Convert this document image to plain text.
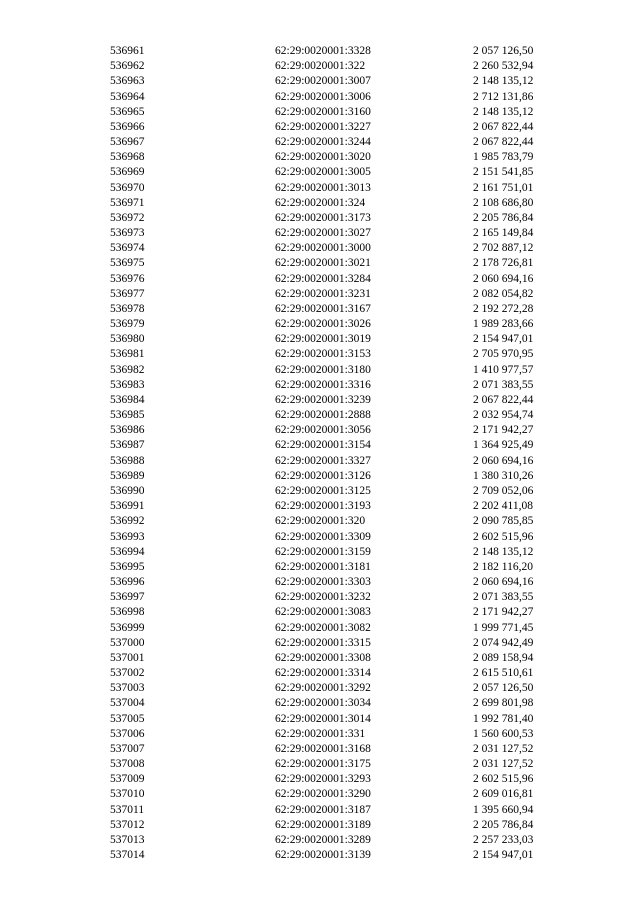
536961	62:29:0020001:3328	2 057 126,50
536962	62:29:0020001:322	2 260 532,94
536963	62:29:0020001:3007	2 148 135,12
536964	62:29:0020001:3006	2 712 131,86
536965	62:29:0020001:3160	2 148 135,12
536966	62:29:0020001:3227	2 067 822,44
536967	62:29:0020001:3244	2 067 822,44
536968	62:29:0020001:3020	1 985 783,79
536969	62:29:0020001:3005	2 151 541,85
536970	62:29:0020001:3013	2 161 751,01
536971	62:29:0020001:324	2 108 686,80
536972	62:29:0020001:3173	2 205 786,84
536973	62:29:0020001:3027	2 165 149,84
536974	62:29:0020001:3000	2 702 887,12
536975	62:29:0020001:3021	2 178 726,81
536976	62:29:0020001:3284	2 060 694,16
536977	62:29:0020001:3231	2 082 054,82
536978	62:29:0020001:3167	2 192 272,28
536979	62:29:0020001:3026	1 989 283,66
536980	62:29:0020001:3019	2 154 947,01
536981	62:29:0020001:3153	2 705 970,95
536982	62:29:0020001:3180	1 410 977,57
536983	62:29:0020001:3316	2 071 383,55
536984	62:29:0020001:3239	2 067 822,44
536985	62:29:0020001:2888	2 032 954,74
536986	62:29:0020001:3056	2 171 942,27
536987	62:29:0020001:3154	1 364 925,49
536988	62:29:0020001:3327	2 060 694,16
536989	62:29:0020001:3126	1 380 310,26
536990	62:29:0020001:3125	2 709 052,06
536991	62:29:0020001:3193	2 202 411,08
536992	62:29:0020001:320	2 090 785,85
536993	62:29:0020001:3309	2 602 515,96
536994	62:29:0020001:3159	2 148 135,12
536995	62:29:0020001:3181	2 182 116,20
536996	62:29:0020001:3303	2 060 694,16
536997	62:29:0020001:3232	2 071 383,55
536998	62:29:0020001:3083	2 171 942,27
536999	62:29:0020001:3082	1 999 771,45
537000	62:29:0020001:3315	2 074 942,49
537001	62:29:0020001:3308	2 089 158,94
537002	62:29:0020001:3314	2 615 510,61
537003	62:29:0020001:3292	2 057 126,50
537004	62:29:0020001:3034	2 699 801,98
537005	62:29:0020001:3014	1 992 781,40
537006	62:29:0020001:331	1 560 600,53
537007	62:29:0020001:3168	2 031 127,52
537008	62:29:0020001:3175	2 031 127,52
537009	62:29:0020001:3293	2 602 515,96
537010	62:29:0020001:3290	2 609 016,81
537011	62:29:0020001:3187	1 395 660,94
537012	62:29:0020001:3189	2 205 786,84
537013	62:29:0020001:3289	2 257 233,03
537014	62:29:0020001:3139	2 154 947,01
